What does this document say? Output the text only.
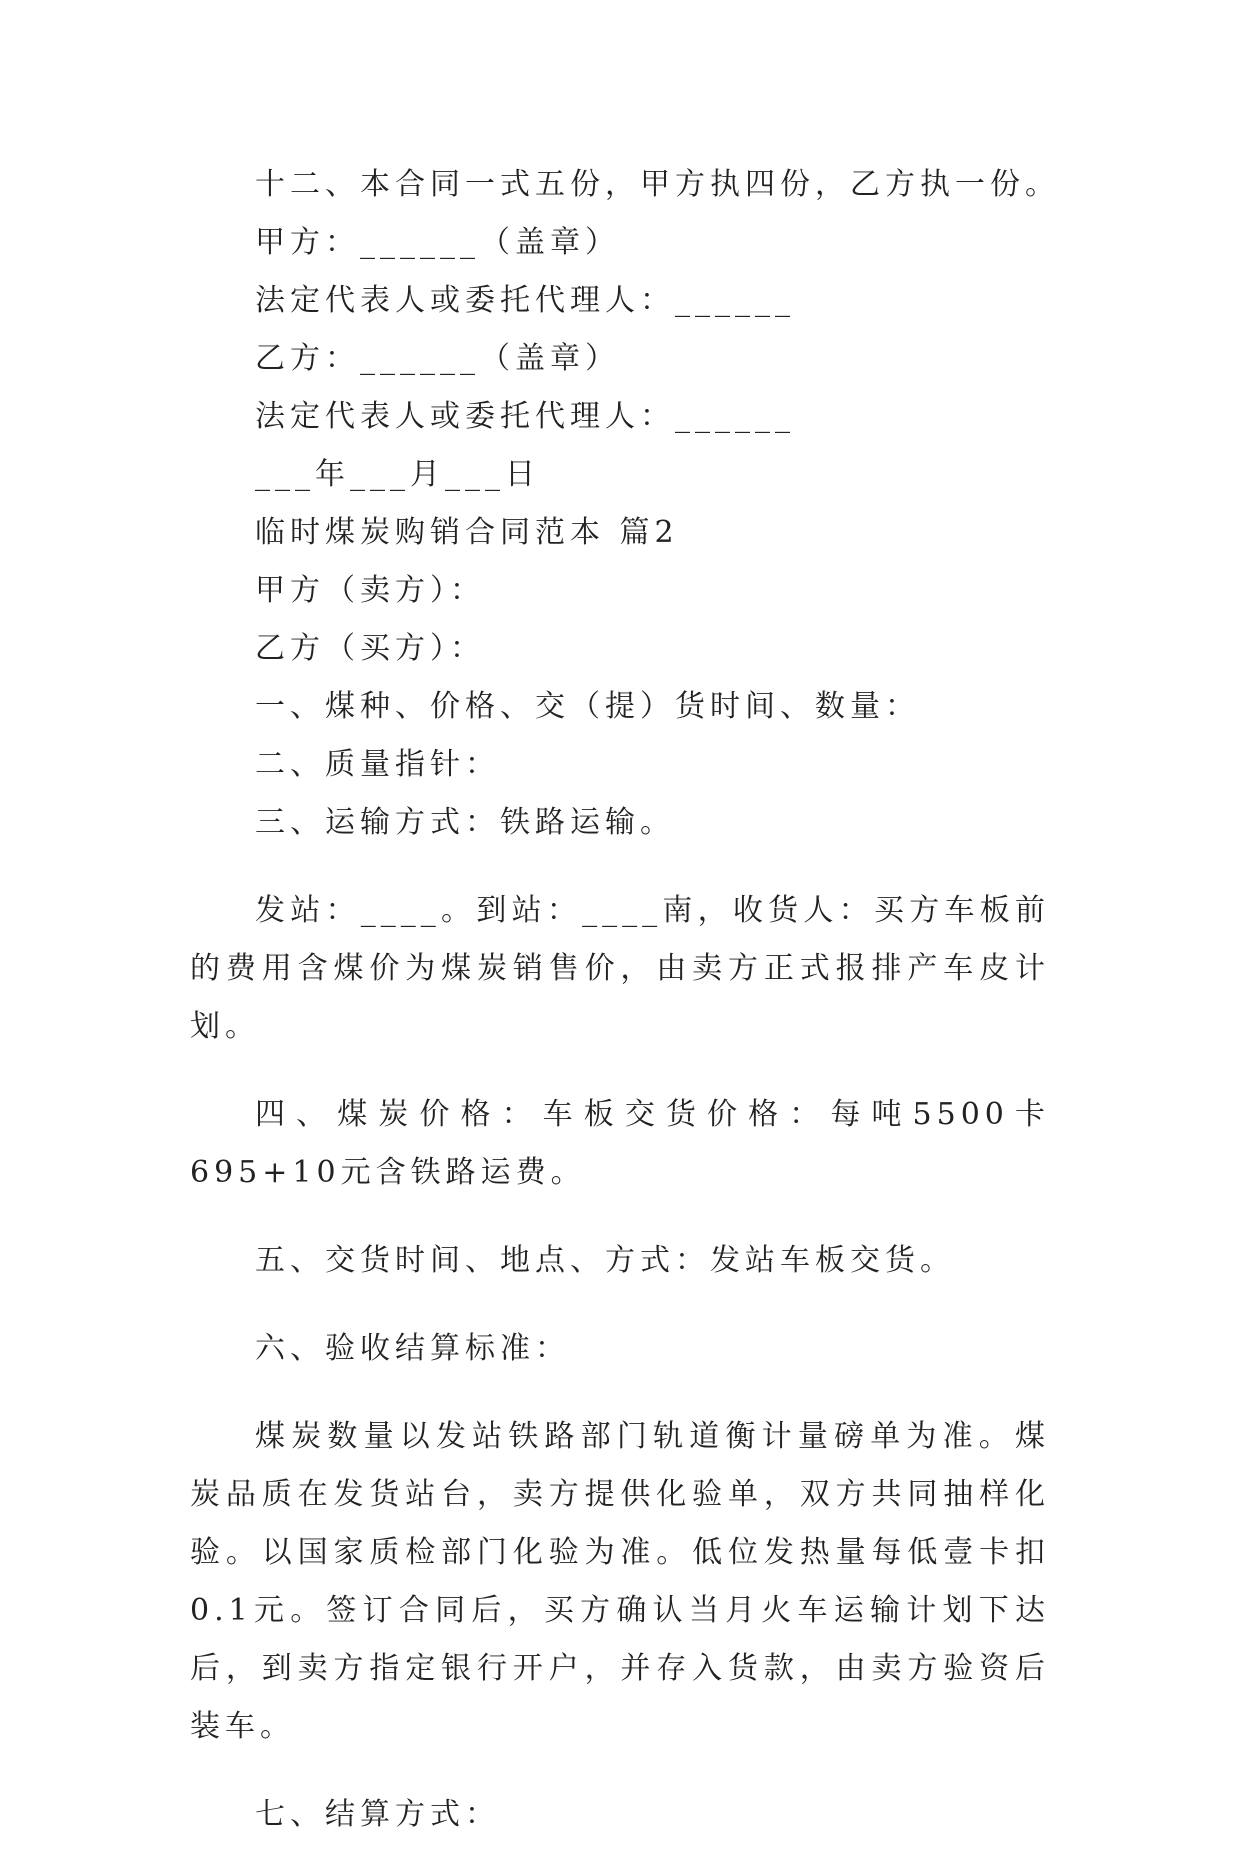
十二、本合同一式五份，甲方执四份，乙方执一份。

甲方：______（盖章）

法定代表人或委托代理人：______

乙方：______（盖章）

法定代表人或委托代理人：______

___年___月___日

临时煤炭购销合同范本 篇2

甲方（卖方）：

乙方（买方）：

一、煤种、价格、交（提）货时间、数量：

二、质量指针：

三、运输方式：铁路运输。

发站：____。到站：____南，收货人：买方车板前的费用含煤价为煤炭销售价，由卖方正式报排产车皮计划。

四、煤炭价格：车板交货价格：每吨5500卡695+10元含铁路运费。

五、交货时间、地点、方式：发站车板交货。

六、验收结算标准：

煤炭数量以发站铁路部门轨道衡计量磅单为准。煤炭品质在发货站台，卖方提供化验单，双方共同抽样化验。以国家质检部门化验为准。低位发热量每低壹卡扣0.1元。签订合同后，买方确认当月火车运输计划下达后，到卖方指定银行开户，并存入货款，由卖方验资后装车。

七、结算方式：
